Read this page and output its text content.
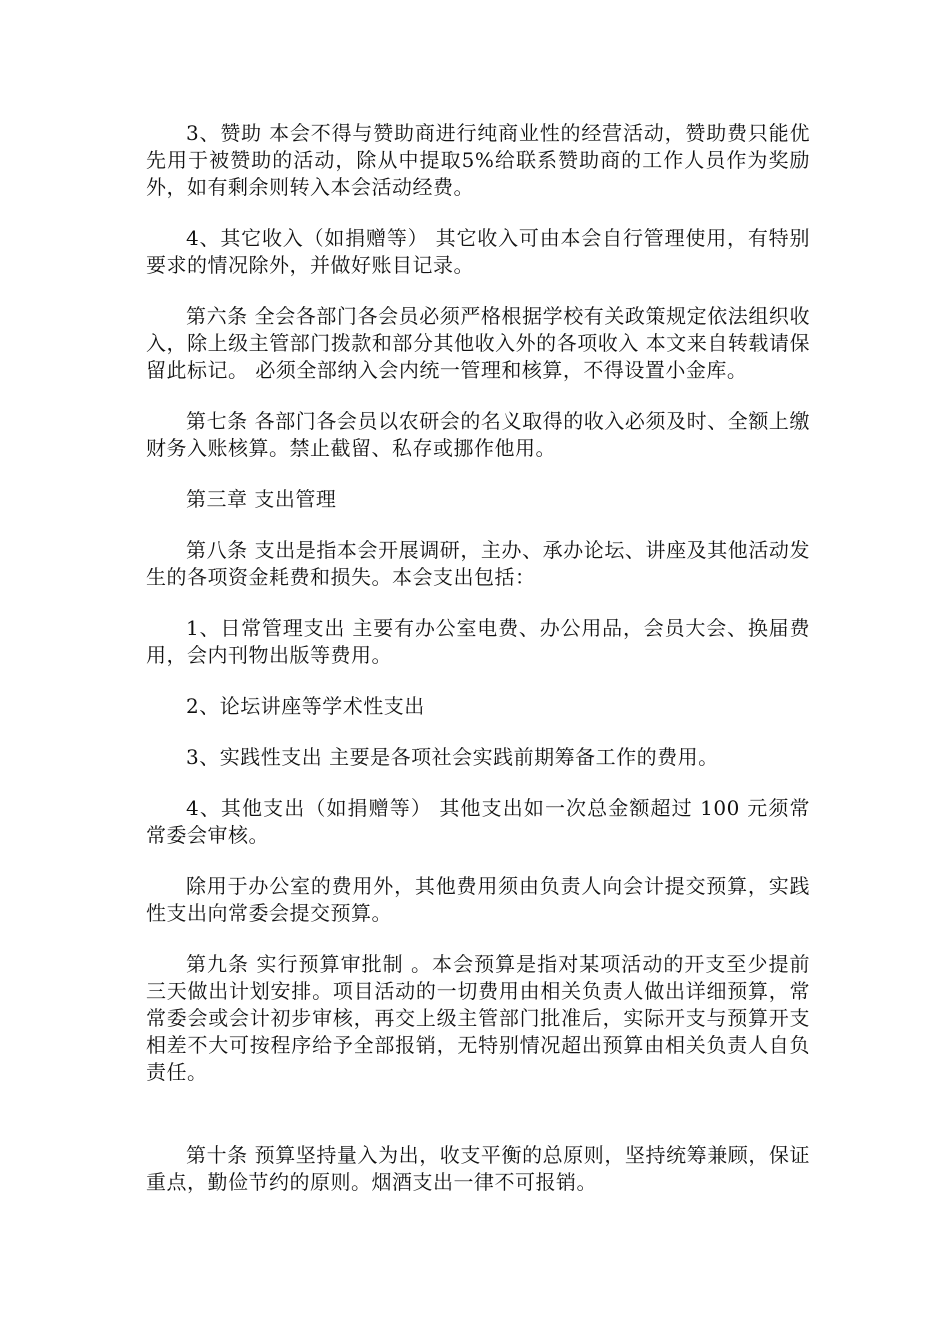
3、赞助 本会不得与赞助商进行纯商业性的经营活动，赞助费只能优先用于被赞助的活动，除从中提取5%给联系赞助商的工作人员作为奖励外，如有剩余则转入本会活动经费。

4、其它收入（如捐赠等） 其它收入可由本会自行管理使用，有特别要求的情况除外，并做好账目记录。

第六条 全会各部门各会员必须严格根据学校有关政策规定依法组织收入，除上级主管部门拨款和部分其他收入外的各项收入 本文来自转载请保留此标记。 必须全部纳入会内统一管理和核算，不得设置小金库。

第七条 各部门各会员以农研会的名义取得的收入必须及时、全额上缴财务入账核算。禁止截留、私存或挪作他用。

第三章 支出管理

第八条 支出是指本会开展调研，主办、承办论坛、讲座及其他活动发生的各项资金耗费和损失。本会支出包括：

1、日常管理支出 主要有办公室电费、办公用品，会员大会、换届费用，会内刊物出版等费用。

2、论坛讲座等学术性支出

3、实践性支出 主要是各项社会实践前期筹备工作的费用。

4、其他支出（如捐赠等） 其他支出如一次总金额超过 100 元须常常委会审核。

除用于办公室的费用外，其他费用须由负责人向会计提交预算，实践性支出向常委会提交预算。

第九条 实行预算审批制 。本会预算是指对某项活动的开支至少提前三天做出计划安排。项目活动的一切费用由相关负责人做出详细预算，常常委会或会计初步审核，再交上级主管部门批准后，实际开支与预算开支相差不大可按程序给予全部报销，无特别情况超出预算由相关负责人自负责任。

第十条 预算坚持量入为出，收支平衡的总原则，坚持统筹兼顾，保证重点，勤俭节约的原则。烟酒支出一律不可报销。
